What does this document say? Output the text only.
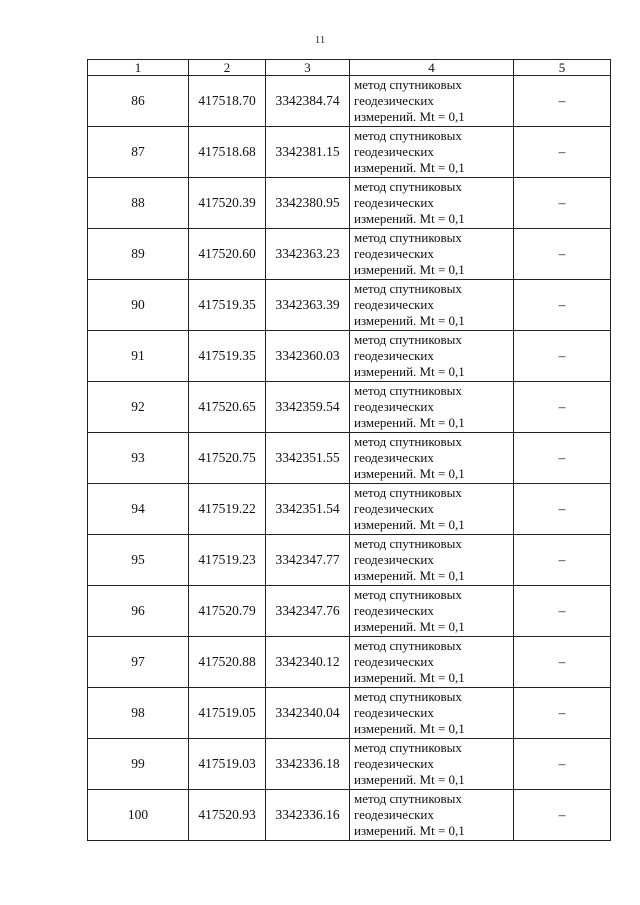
11
1	2	3	4	5
86	417518.70	3342384.74	метод спутниковых
геодезических
измерений. Mt = 0,1	–
87	417518.68	3342381.15	метод спутниковых
геодезических
измерений. Mt = 0,1	–
88	417520.39	3342380.95	метод спутниковых
геодезических
измерений. Mt = 0,1	–
89	417520.60	3342363.23	метод спутниковых
геодезических
измерений. Mt = 0,1	–
90	417519.35	3342363.39	метод спутниковых
геодезических
измерений. Mt = 0,1	–
91	417519.35	3342360.03	метод спутниковых
геодезических
измерений. Mt = 0,1	–
92	417520.65	3342359.54	метод спутниковых
геодезических
измерений. Mt = 0,1	–
93	417520.75	3342351.55	метод спутниковых
геодезических
измерений. Mt = 0,1	–
94	417519.22	3342351.54	метод спутниковых
геодезических
измерений. Mt = 0,1	–
95	417519.23	3342347.77	метод спутниковых
геодезических
измерений. Mt = 0,1	–
96	417520.79	3342347.76	метод спутниковых
геодезических
измерений. Mt = 0,1	–
97	417520.88	3342340.12	метод спутниковых
геодезических
измерений. Mt = 0,1	–
98	417519.05	3342340.04	метод спутниковых
геодезических
измерений. Mt = 0,1	–
99	417519.03	3342336.18	метод спутниковых
геодезических
измерений. Mt = 0,1	–
100	417520.93	3342336.16	метод спутниковых
геодезических
измерений. Mt = 0,1	–
